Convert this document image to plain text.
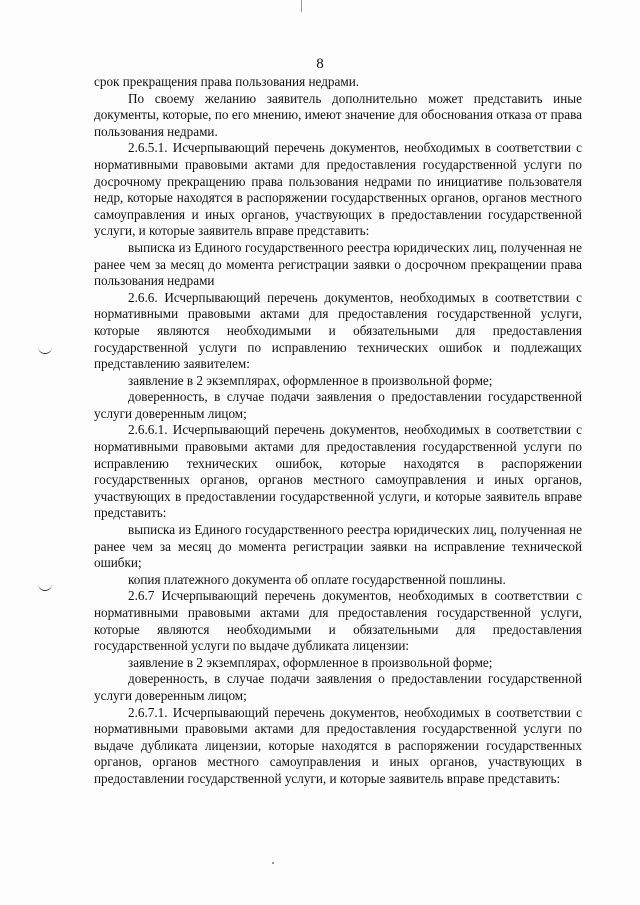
8

срок прекращения права пользования недрами.

По своему желанию заявитель дополнительно может представить иные документы, которые, по его мнению, имеют значение для обоснования отказа от права пользования недрами.

2.6.5.1. Исчерпывающий перечень документов, необходимых в соответствии с нормативными правовыми актами для предоставления государственной услуги по досрочному прекращению права пользования недрами по инициативе пользователя недр, которые находятся в распоряжении государственных органов, органов местного самоуправления и иных органов, участвующих в предоставлении государственной услуги, и которые заявитель вправе представить:

выписка из Единого государственного реестра юридических лиц, полученная не ранее чем за месяц до момента регистрации заявки о досрочном прекращении права пользования недрами

2.6.6. Исчерпывающий перечень документов, необходимых в соответствии с нормативными правовыми актами для предоставления государственной услуги, которые являются необходимыми и обязательными для предоставления государственной услуги по исправлению технических ошибок и подлежащих представлению заявителем:

заявление в 2 экземплярах, оформленное в произвольной форме;

доверенность, в случае подачи заявления о предоставлении государственной услуги доверенным лицом;

2.6.6.1. Исчерпывающий перечень документов, необходимых в соответствии с нормативными правовыми актами для предоставления государственной услуги по исправлению технических ошибок, которые находятся в распоряжении государственных органов, органов местного самоуправления и иных органов, участвующих в предоставлении государственной услуги, и которые заявитель вправе представить:

выписка из Единого государственного реестра юридических лиц, полученная не ранее чем за месяц до момента регистрации заявки на исправление технической ошибки;

копия платежного документа об оплате государственной пошлины.

2.6.7 Исчерпывающий перечень документов, необходимых в соответствии с нормативными правовыми актами для предоставления государственной услуги, которые являются необходимыми и обязательными для предоставления государственной услуги по выдаче дубликата лицензии:

заявление в 2 экземплярах, оформленное в произвольной форме;

доверенность, в случае подачи заявления о предоставлении государственной услуги доверенным лицом;

2.6.7.1. Исчерпывающий перечень документов, необходимых в соответствии с нормативными правовыми актами для предоставления государственной услуги по выдаче дубликата лицензии, которые находятся в распоряжении государственных органов, органов местного самоуправления и иных органов, участвующих в предоставлении государственной услуги, и которые заявитель вправе представить:
